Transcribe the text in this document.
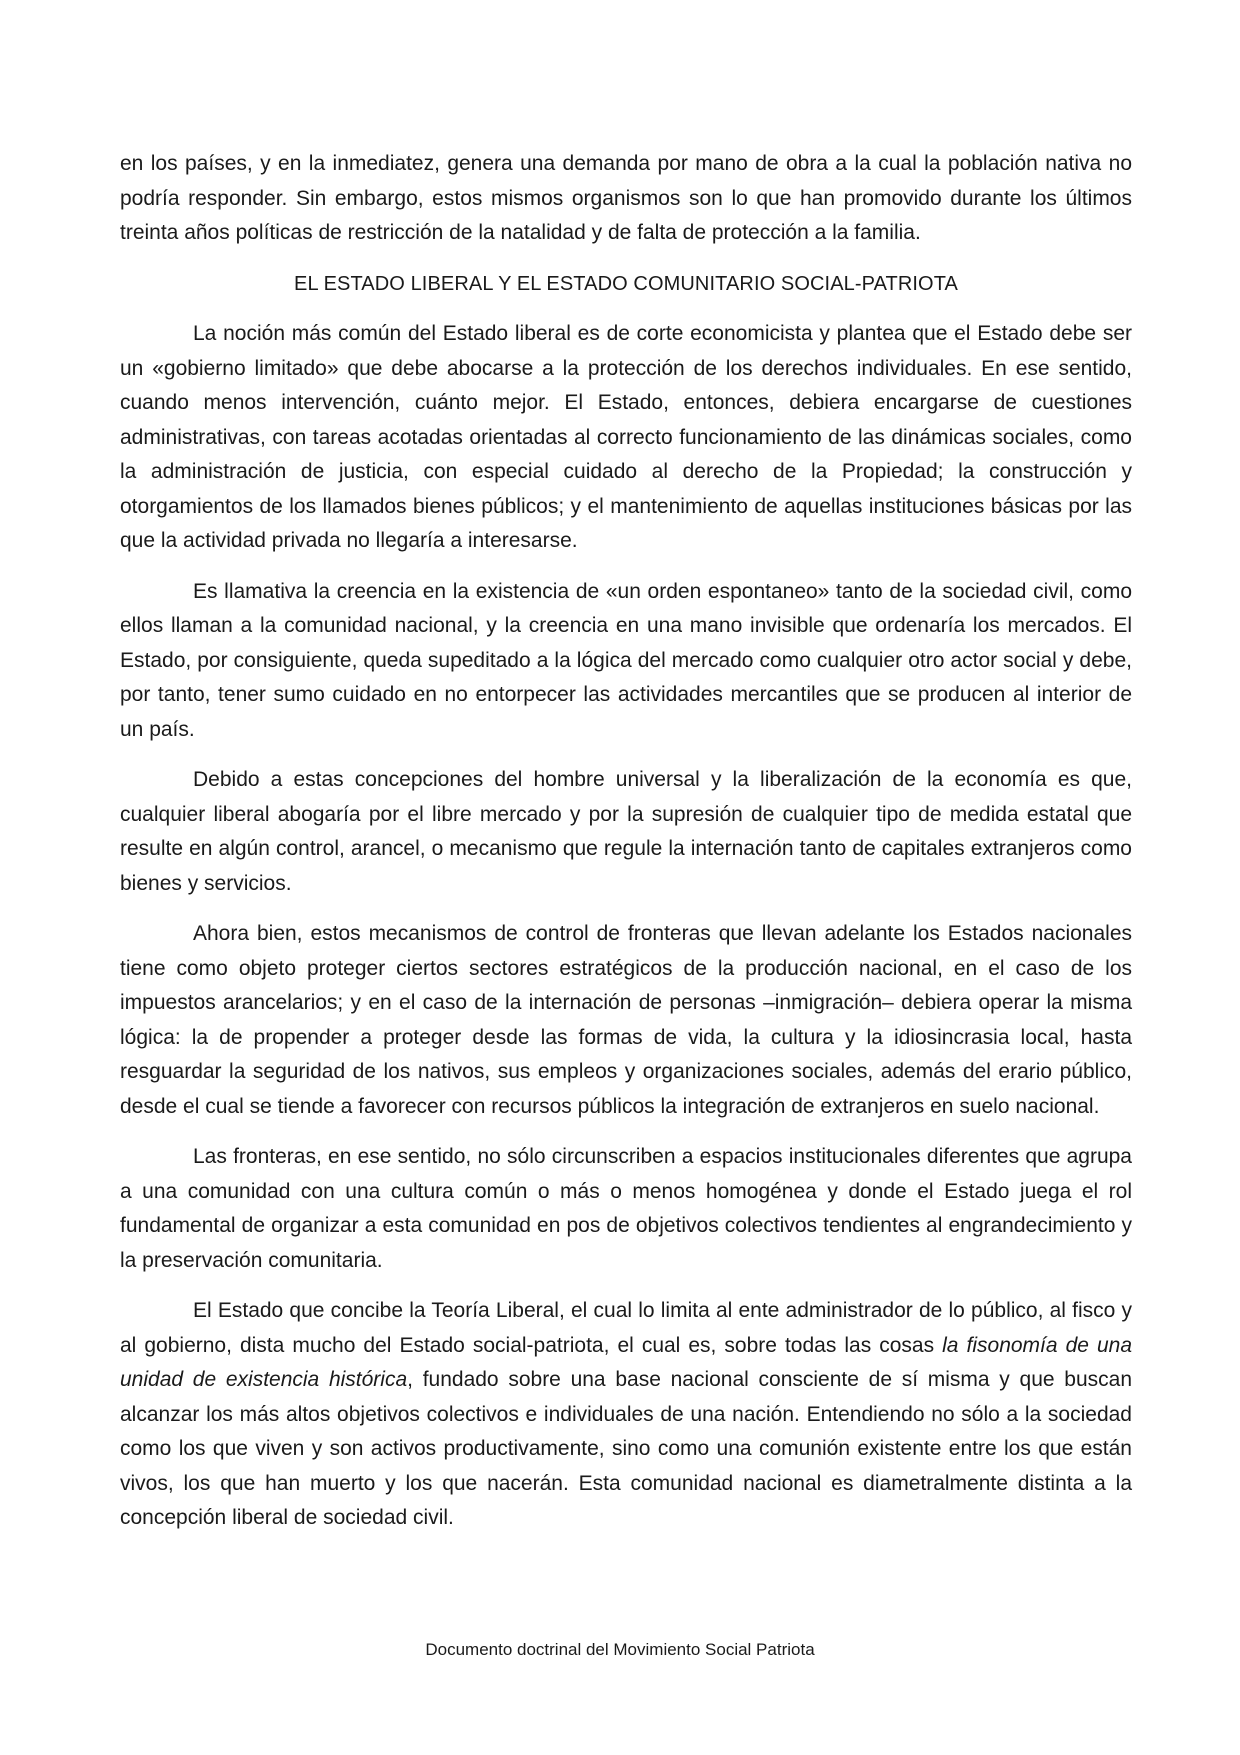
en los países, y en la inmediatez, genera una demanda por mano de obra a la cual la población nativa no podría responder. Sin embargo, estos mismos organismos son lo que han promovido durante los últimos treinta años políticas de restricción de la natalidad y de falta de protección a la familia.

EL ESTADO LIBERAL Y EL ESTADO COMUNITARIO SOCIAL-PATRIOTA

La noción más común del Estado liberal es de corte economicista y plantea que el Estado debe ser un «gobierno limitado» que debe abocarse a la protección de los derechos individuales. En ese sentido, cuando menos intervención, cuánto mejor. El Estado, entonces, debiera encargarse de cuestiones administrativas, con tareas acotadas orientadas al correcto funcionamiento de las dinámicas sociales, como la administración de justicia, con especial cuidado al derecho de la Propiedad; la construcción y otorgamientos de los llamados bienes públicos; y el mantenimiento de aquellas instituciones básicas por las que la actividad privada no llegaría a interesarse.

Es llamativa la creencia en la existencia de «un orden espontaneo» tanto de la sociedad civil, como ellos llaman a la comunidad nacional, y la creencia en una mano invisible que ordenaría los mercados. El Estado, por consiguiente, queda supeditado a la lógica del mercado como cualquier otro actor social y debe, por tanto, tener sumo cuidado en no entorpecer las actividades mercantiles que se producen al interior de un país.

Debido a estas concepciones del hombre universal y la liberalización de la economía es que, cualquier liberal abogaría por el libre mercado y por la supresión de cualquier tipo de medida estatal que resulte en algún control, arancel, o mecanismo que regule la internación tanto de capitales extranjeros como bienes y servicios.

Ahora bien, estos mecanismos de control de fronteras que llevan adelante los Estados nacionales tiene como objeto proteger ciertos sectores estratégicos de la producción nacional, en el caso de los impuestos arancelarios; y en el caso de la internación de personas –inmigración– debiera operar la misma lógica: la de propender a proteger desde las formas de vida, la cultura y la idiosincrasia local, hasta resguardar la seguridad de los nativos, sus empleos y organizaciones sociales, además del erario público, desde el cual se tiende a favorecer con recursos públicos la integración de extranjeros en suelo nacional.

Las fronteras, en ese sentido, no sólo circunscriben a espacios institucionales diferentes que agrupa a una comunidad con una cultura común o más o menos homogénea y donde el Estado juega el rol fundamental de organizar a esta comunidad en pos de objetivos colectivos tendientes al engrandecimiento y la preservación comunitaria.

El Estado que concibe la Teoría Liberal, el cual lo limita al ente administrador de lo público, al fisco y al gobierno, dista mucho del Estado social-patriota, el cual es, sobre todas las cosas la fisonomía de una unidad de existencia histórica, fundado sobre una base nacional consciente de sí misma y que buscan alcanzar los más altos objetivos colectivos e individuales de una nación. Entendiendo no sólo a la sociedad como los que viven y son activos productivamente, sino como una comunión existente entre los que están vivos, los que han muerto y los que nacerán. Esta comunidad nacional es diametralmente distinta a la concepción liberal de sociedad civil.

Documento doctrinal del Movimiento Social Patriota
